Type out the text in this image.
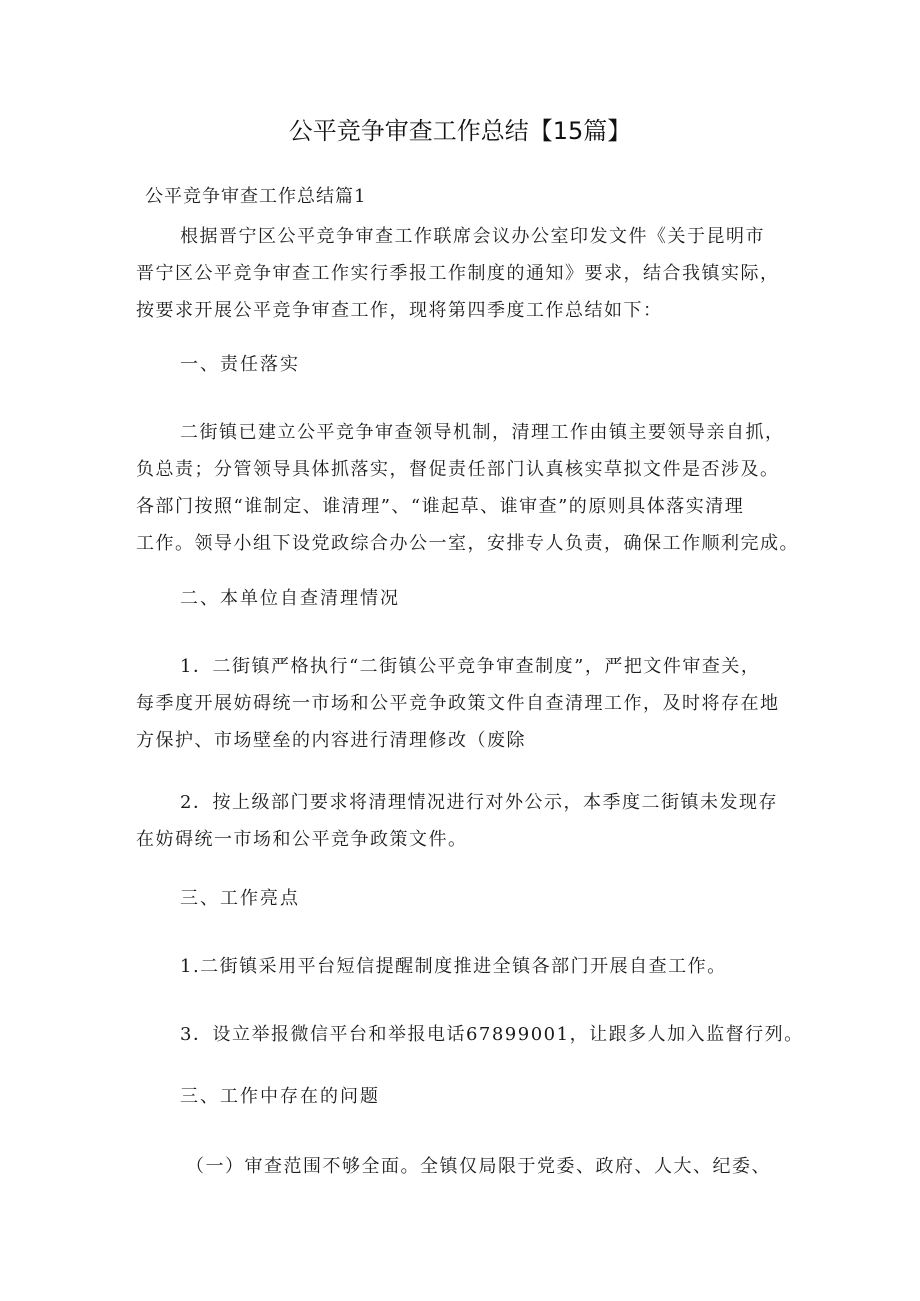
公平竞争审查工作总结【15篇】
公平竞争审查工作总结篇1
根据晋宁区公平竞争审查工作联席会议办公室印发文件《关于昆明市
晋宁区公平竞争审查工作实行季报工作制度的通知》要求，结合我镇实际，
按要求开展公平竞争审查工作，现将第四季度工作总结如下：
一、责任落实
二街镇已建立公平竞争审查领导机制，清理工作由镇主要领导亲自抓，
负总责；分管领导具体抓落实，督促责任部门认真核实草拟文件是否涉及。
各部门按照“谁制定、谁清理”、“谁起草、谁审查”的原则具体落实清理
工作。领导小组下设党政综合办公一室，安排专人负责，确保工作顺利完成。
二、本单位自查清理情况
1．二街镇严格执行“二街镇公平竞争审查制度”，严把文件审查关，
每季度开展妨碍统一市场和公平竞争政策文件自查清理工作，及时将存在地
方保护、市场壁垒的内容进行清理修改（废除
2．按上级部门要求将清理情况进行对外公示，本季度二街镇未发现存
在妨碍统一市场和公平竞争政策文件。
三、工作亮点
1.二街镇采用平台短信提醒制度推进全镇各部门开展自查工作。
3．设立举报微信平台和举报电话67899001，让跟多人加入监督行列。
三、工作中存在的问题
（一）审查范围不够全面。全镇仅局限于党委、政府、人大、纪委、
